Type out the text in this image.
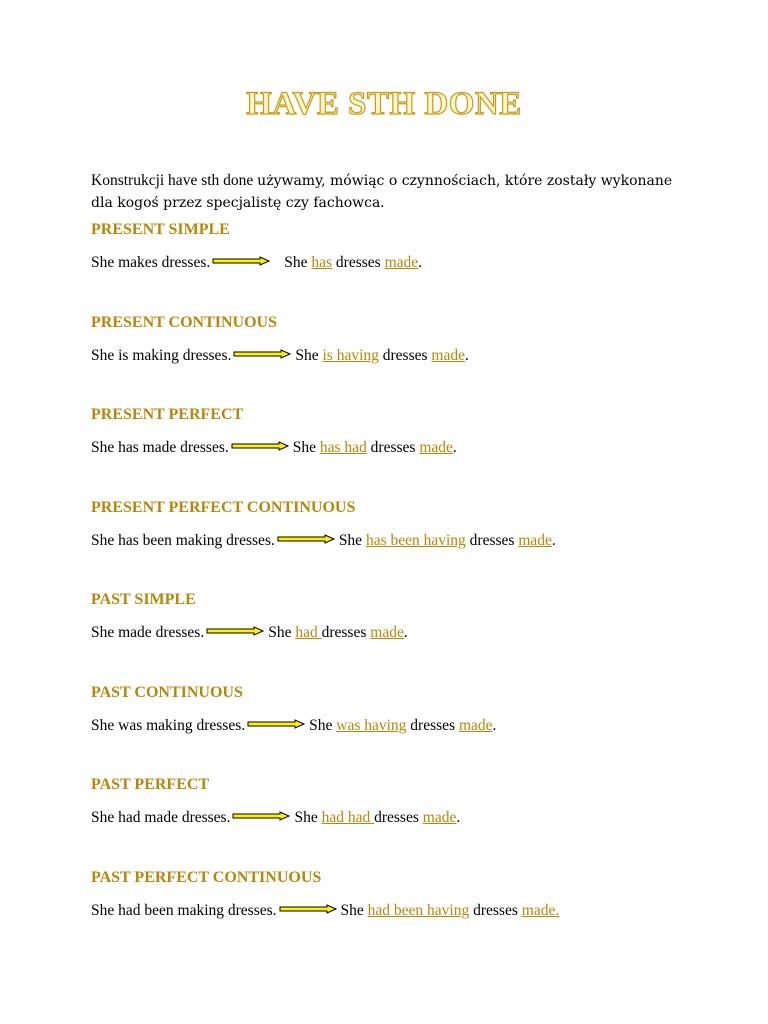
HAVE STH DONE
Konstrukcji have sth done używamy, mówiąc o czynnościach, które zostały wykonane dla kogoś przez specjalistę czy fachowca.
PRESENT SIMPLE
She makes dresses.	She has dresses made.
PRESENT CONTINUOUS
She is making dresses.	She is having dresses made.
PRESENT PERFECT
She has made dresses.	She has had dresses made.
PRESENT PERFECT CONTINUOUS
She has been making dresses.	She has been having dresses made.
PAST SIMPLE
She made dresses.	She had dresses made.
PAST CONTINUOUS
She was making dresses.	She was having dresses made.
PAST PERFECT
She had made dresses.	She had had dresses made.
PAST PERFECT CONTINUOUS
She had been making dresses.	She had been having dresses made.
